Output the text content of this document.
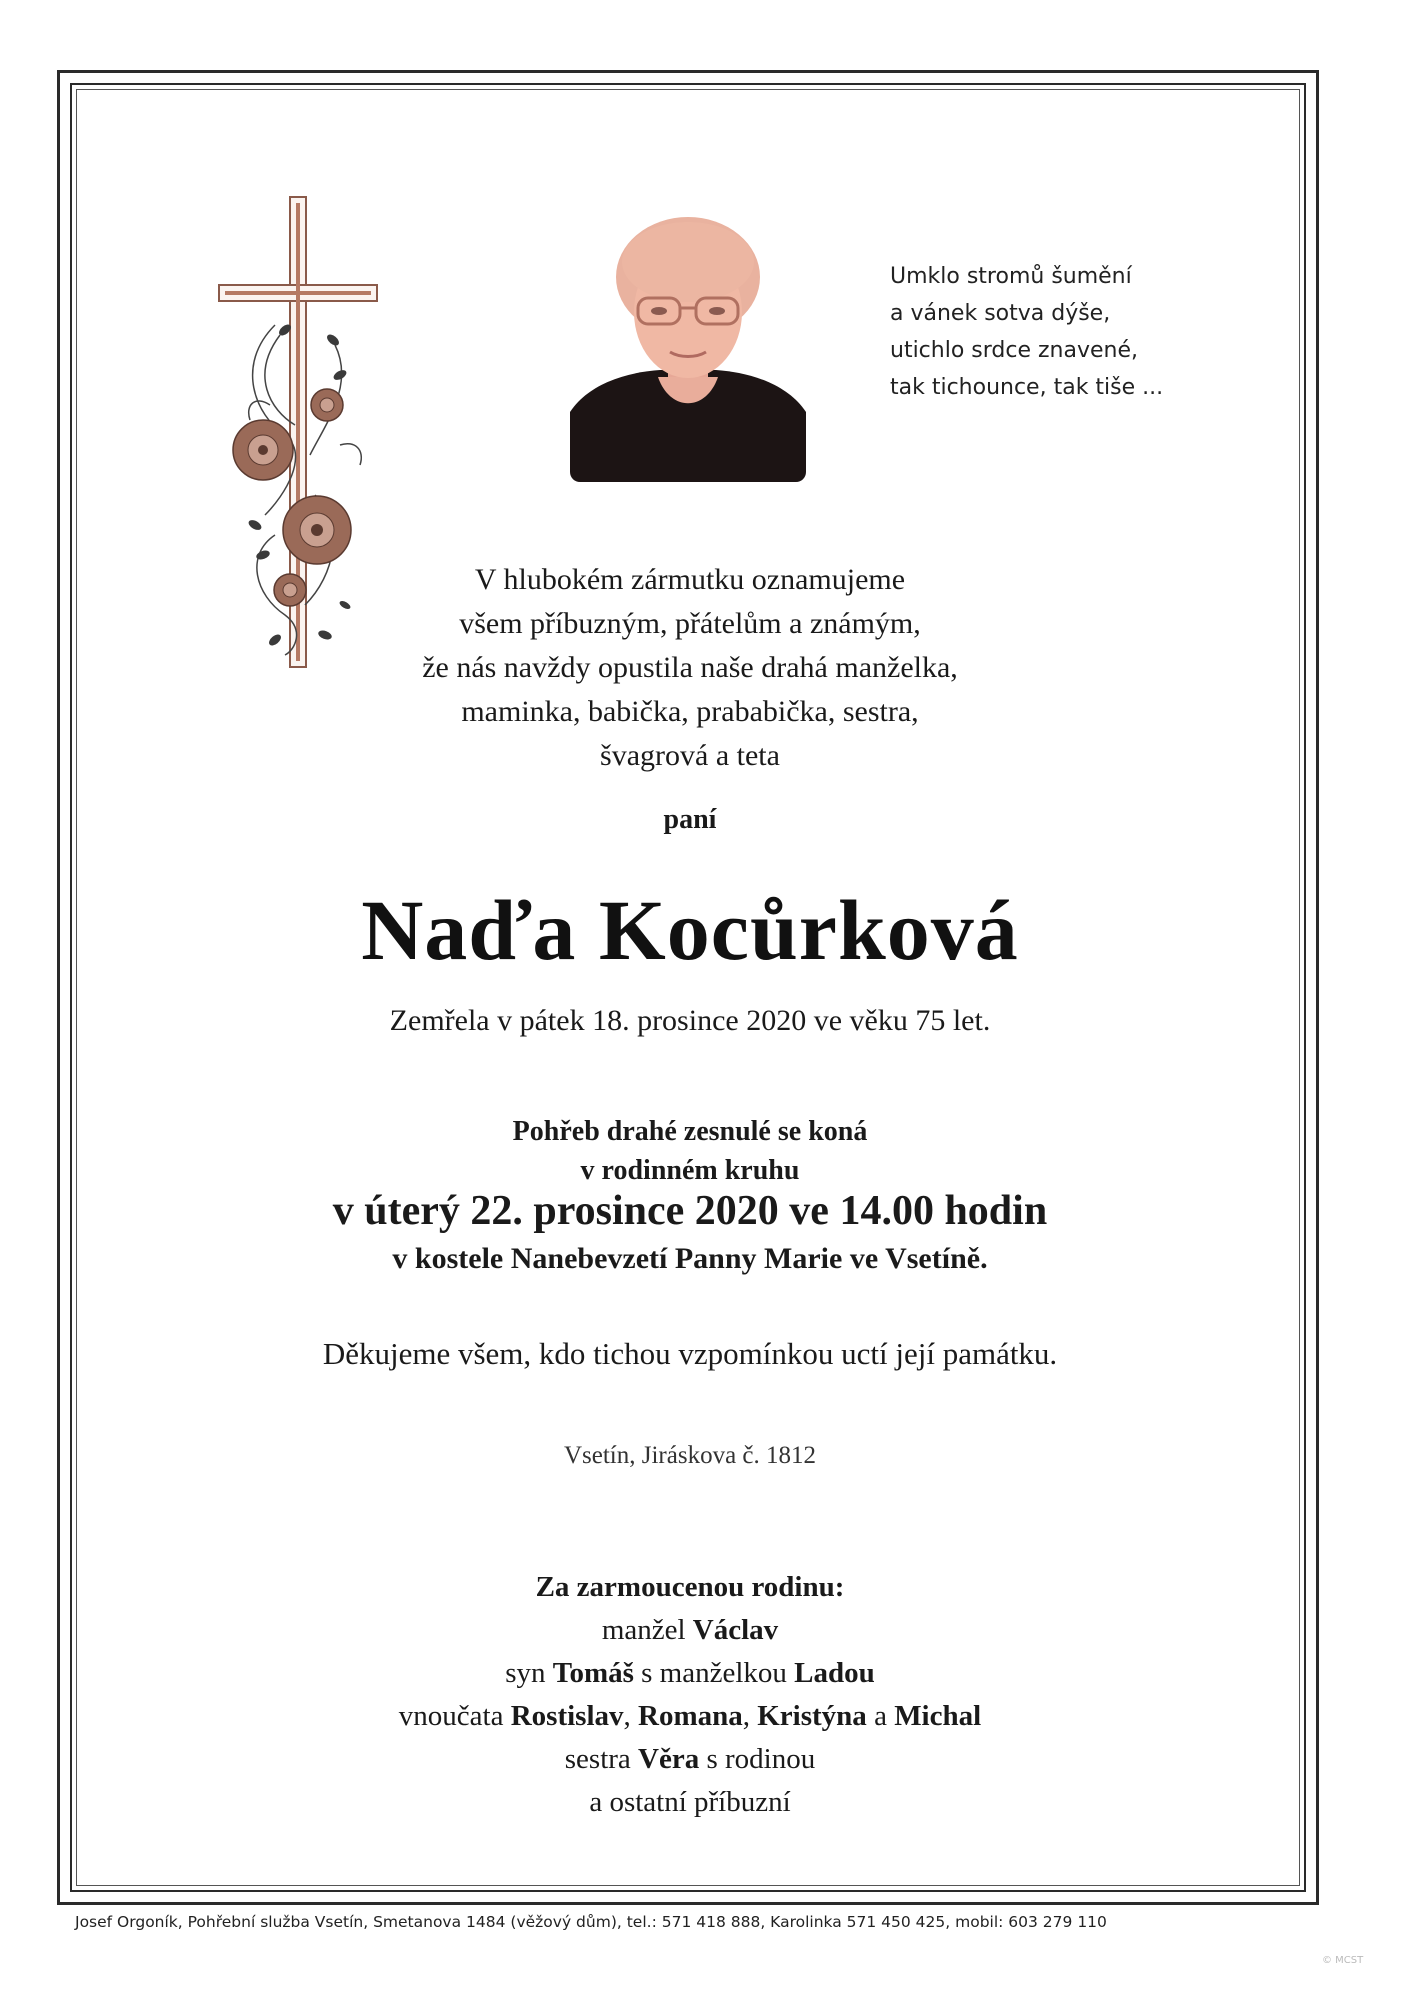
Umklo stromů šumění
a vánek sotva dýše,
utichlo srdce znavené,
tak tichounce, tak tiše ...
V hlubokém zármutku oznamujeme
všem příbuzným, přátelům a známým,
že nás navždy opustila naše drahá manželka,
maminka, babička, prababička, sestra,
švagrová a teta
paní
Naďa Kocůrková
Zemřela v pátek 18. prosince 2020 ve věku 75 let.
Pohřeb drahé zesnulé se koná
v rodinném kruhu
v úterý 22. prosince 2020 ve 14.00 hodin
v kostele Nanebevzetí Panny Marie ve Vsetíně.
Děkujeme všem, kdo tichou vzpomínkou uctí její památku.
Vsetín, Jiráskova č. 1812
Za zarmoucenou rodinu:
manžel Václav
syn Tomáš s manželkou Ladou
vnoučata Rostislav, Romana, Kristýna a Michal
sestra Věra s rodinou
a ostatní příbuzní
Josef Orgoník, Pohřební služba Vsetín, Smetanova 1484 (věžový dům), tel.: 571 418 888, Karolinka 571 450 425, mobil: 603 279 110
© MCST
